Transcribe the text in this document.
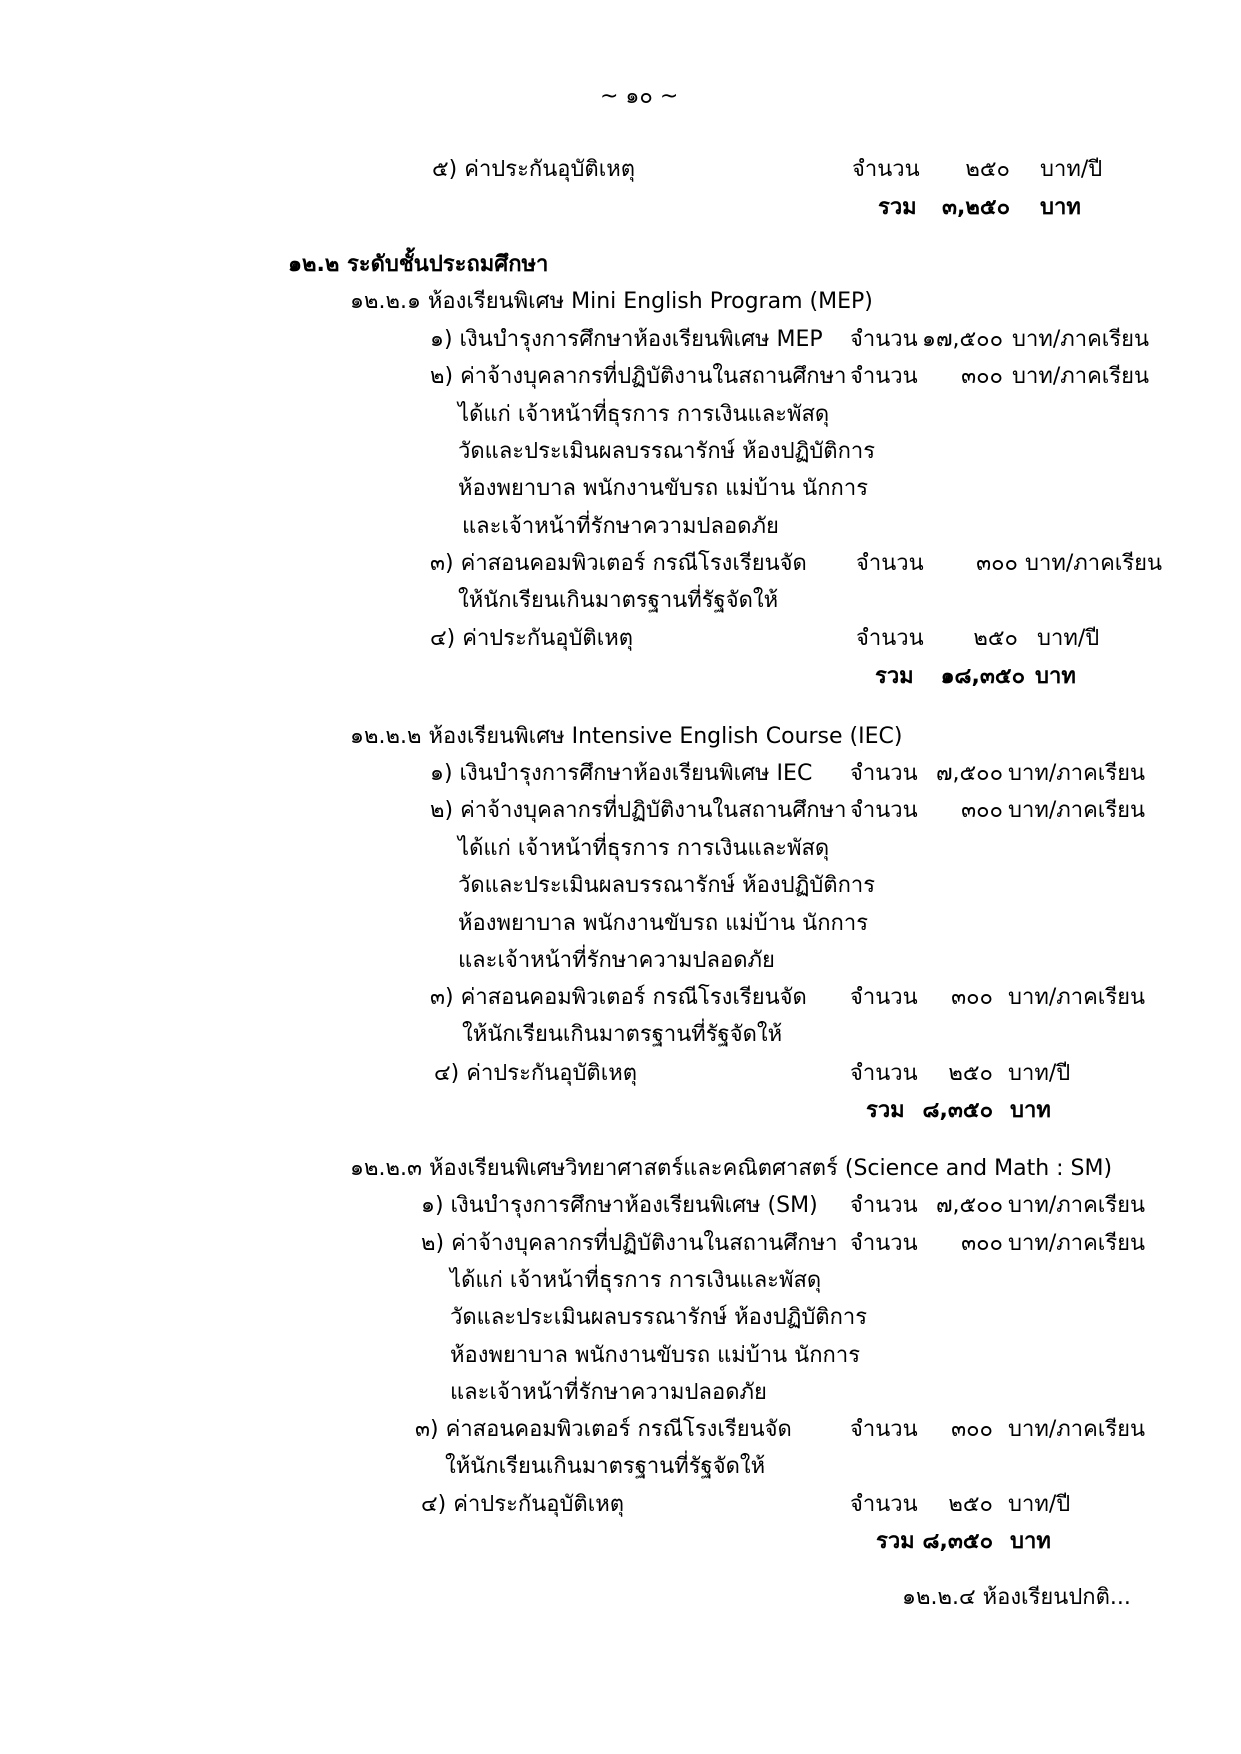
~ ๑๐ ~
๕) ค่าประกันอุบัติเหตุ	จำนวน	๒๕๐ บาท/ปี
รวม	๓,๒๕๐ บาท
๑๒.๒ ระดับชั้นประถมศึกษา
๑๒.๒.๑ ห้องเรียนพิเศษ Mini English Program (MEP)
๑) เงินบำรุงการศึกษาห้องเรียนพิเศษ MEP จำนวน ๑๗,๕๐๐ บาท/ภาคเรียน
๒) ค่าจ้างบุคลากรที่ปฏิบัติงานในสถานศึกษา จำนวน	๓๐๐ บาท/ภาคเรียน
ได้แก่ เจ้าหน้าที่ธุรการ การเงินและพัสดุ
วัดและประเมินผลบรรณารักษ์ ห้องปฏิบัติการ
ห้องพยาบาล พนักงานขับรถ แม่บ้าน นักการ
และเจ้าหน้าที่รักษาความปลอดภัย
๓) ค่าสอนคอมพิวเตอร์ กรณีโรงเรียนจัด จำนวน	๓๐๐ บาท/ภาคเรียน
ให้นักเรียนเกินมาตรฐานที่รัฐจัดให้
๔) ค่าประกันอุบัติเหตุ	จำนวน	๒๕๐ บาท/ปี
รวม	๑๘,๓๕๐ บาท
๑๒.๒.๒ ห้องเรียนพิเศษ Intensive English Course (IEC)
๑) เงินบำรุงการศึกษาห้องเรียนพิเศษ IEC จำนวน ๗,๕๐๐ บาท/ภาคเรียน
๒) ค่าจ้างบุคลากรที่ปฏิบัติงานในสถานศึกษา จำนวน	๓๐๐ บาท/ภาคเรียน
ได้แก่ เจ้าหน้าที่ธุรการ การเงินและพัสดุ
วัดและประเมินผลบรรณารักษ์ ห้องปฏิบัติการ
ห้องพยาบาล พนักงานขับรถ แม่บ้าน นักการ
และเจ้าหน้าที่รักษาความปลอดภัย
๓) ค่าสอนคอมพิวเตอร์ กรณีโรงเรียนจัด จำนวน	๓๐๐ บาท/ภาคเรียน
ให้นักเรียนเกินมาตรฐานที่รัฐจัดให้
๔) ค่าประกันอุบัติเหตุ	จำนวน	๒๕๐ บาท/ปี
รวม ๘,๓๕๐ บาท
๑๒.๒.๓ ห้องเรียนพิเศษวิทยาศาสตร์และคณิตศาสตร์ (Science and Math : SM)
๑) เงินบำรุงการศึกษาห้องเรียนพิเศษ (SM) จำนวน ๗,๕๐๐ บาท/ภาคเรียน
๒) ค่าจ้างบุคลากรที่ปฏิบัติงานในสถานศึกษา จำนวน	๓๐๐ บาท/ภาคเรียน
ได้แก่ เจ้าหน้าที่ธุรการ การเงินและพัสดุ
วัดและประเมินผลบรรณารักษ์ ห้องปฏิบัติการ
ห้องพยาบาล พนักงานขับรถ แม่บ้าน นักการ
และเจ้าหน้าที่รักษาความปลอดภัย
๓) ค่าสอนคอมพิวเตอร์ กรณีโรงเรียนจัด	จำนวน	๓๐๐ บาท/ภาคเรียน
ให้นักเรียนเกินมาตรฐานที่รัฐจัดให้
๔) ค่าประกันอุบัติเหตุ	จำนวน	๒๕๐ บาท/ปี
รวม ๘,๓๕๐ บาท
๑๒.๒.๔ ห้องเรียนปกติ...
